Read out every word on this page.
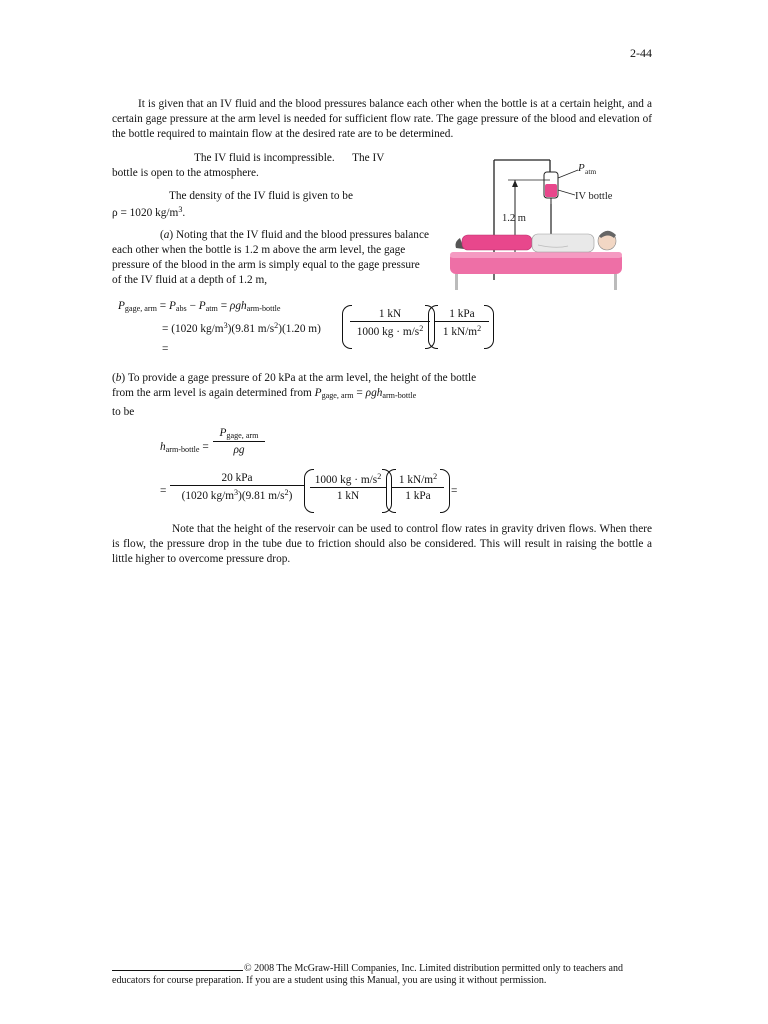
2-44
It is given that an IV fluid and the blood pressures balance each other when the bottle is at a certain height, and a certain gage pressure at the arm level is needed for sufficient flow rate. The gage pressure of the blood and elevation of the bottle required to maintain flow at the desired rate are to be determined.
The IV fluid is incompressible. The IV
bottle is open to the atmosphere.
The density of the IV fluid is given to be
ρ = 1020 $kg/m^3$.
(a) Noting that the IV fluid and the blood pressures balance each other when the bottle is 1.2 m above the arm level, the gage pressure of the blood in the arm is simply equal to the gage pressure of the IV fluid at a depth of 1.2 m,
1.2 m
P atm
IV bottle
$P_{gage, arm} = P_{abs} - P_{atm} = \rho gh_{arm-bottle}$
= (1020 $kg/m^3)(9.81$ $m/s^2)(1.20$ m)	$\frac{1 kN}{1000 kg \cdot m/s^2}$	1 kPa
1 $kN/m^2$
=
(b) To provide a gage pressure of 20 kPa at the arm level, the height of the bottle from the arm level is again determined from $P_{gage, arm} = \rho gh_{arm-bottle}$
to be
$h_{arm-bottle}$ =
$P_{gage, arm}$
ρg
=
20 kPa
(1020 $kg/m^3)(9.81$ $m/s^2$)	$\frac{1000 kg \cdot m/s^2}{1 kN}$	1 $kN/m^2$
1 kPa	=
Note that the height of the reservoir can be used to control flow rates in gravity driven flows. When there is flow, the pressure drop in the tube due to friction should also be considered. This will result in raising the bottle a little higher to overcome pressure drop.
© 2008 The McGraw-Hill Companies, Inc. Limited distribution permitted only to teachers and educators for course preparation. If you are a student using this Manual, you are using it without permission.
